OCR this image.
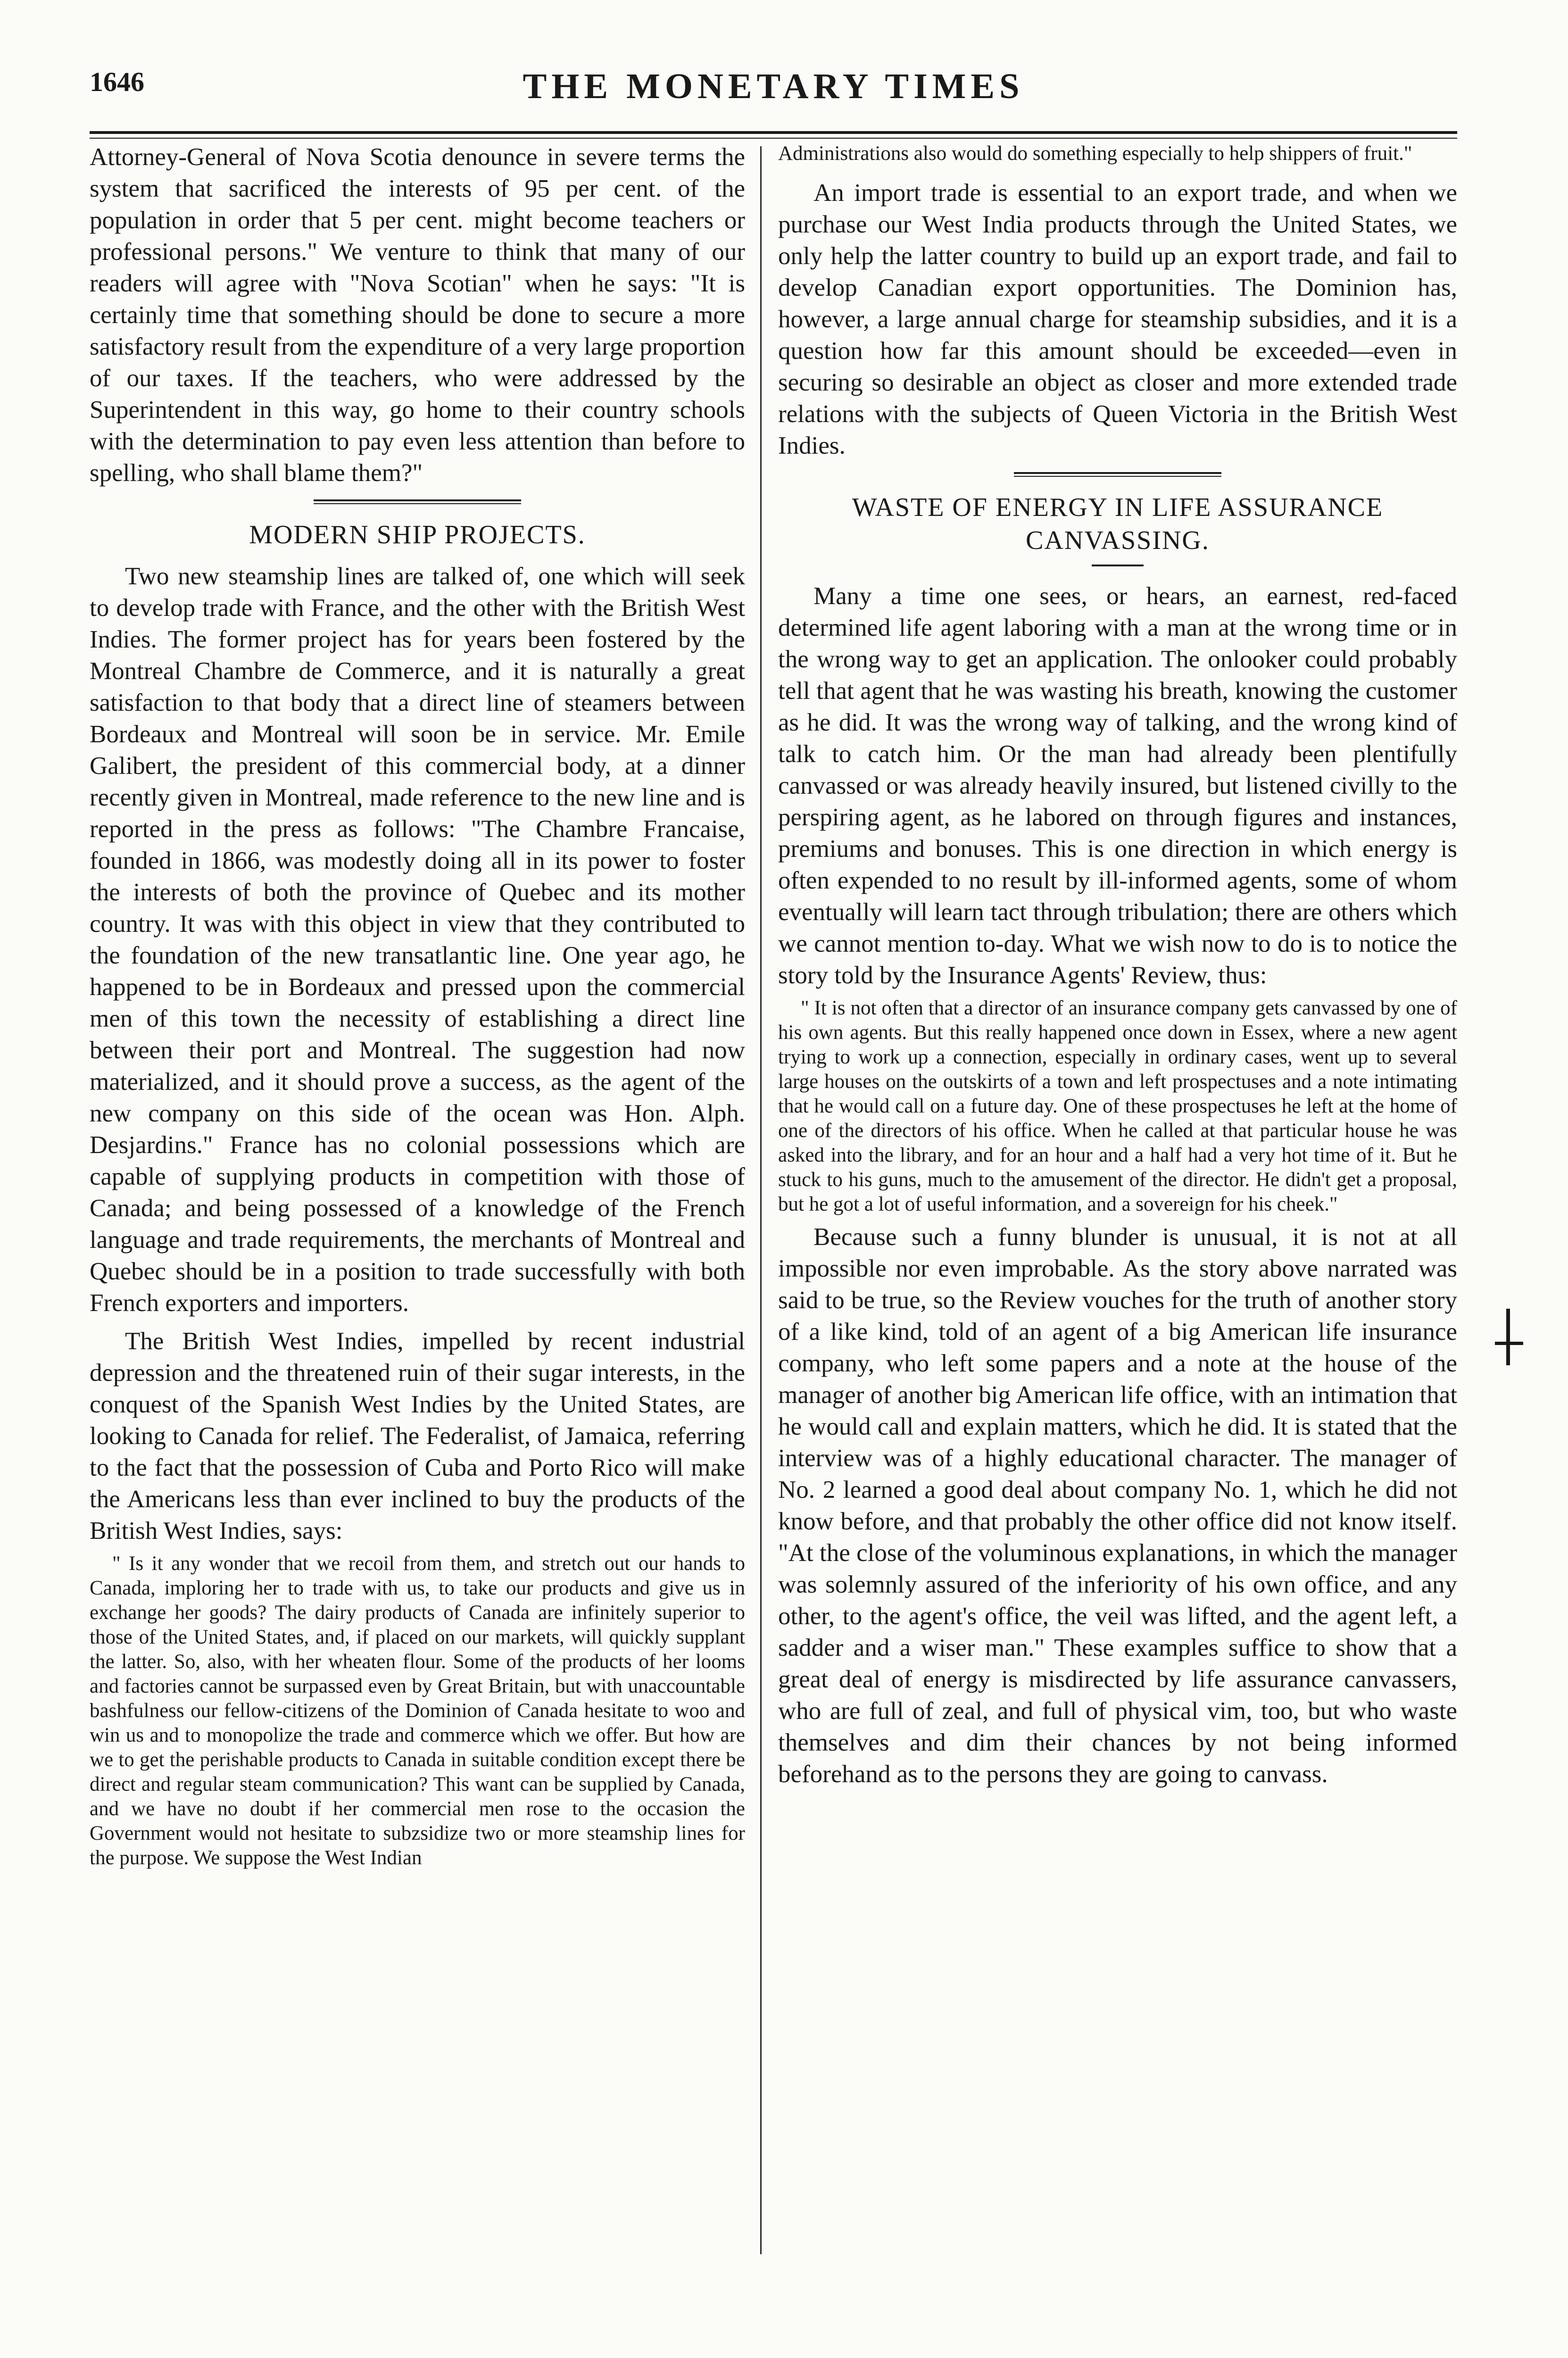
1646	THE MONETARY TIMES

Attorney-General of Nova Scotia denounce in severe terms the system that sacrificed the interests of 95 per cent. of the population in order that 5 per cent. might become teachers or professional persons." We venture to think that many of our readers will agree with "Nova Scotian" when he says: "It is certainly time that something should be done to secure a more satisfactory result from the expenditure of a very large proportion of our taxes. If the teachers, who were addressed by the Superintendent in this way, go home to their country schools with the determination to pay even less attention than before to spelling, who shall blame them?"

MODERN SHIP PROJECTS.

Two new steamship lines are talked of, one which will seek to develop trade with France, and the other with the British West Indies. The former project has for years been fostered by the Montreal Chambre de Commerce, and it is naturally a great satisfaction to that body that a direct line of steamers between Bordeaux and Montreal will soon be in service. Mr. Emile Galibert, the president of this commercial body, at a dinner recently given in Montreal, made reference to the new line and is reported in the press as follows: "The Chambre Francaise, founded in 1866, was modestly doing all in its power to foster the interests of both the province of Quebec and its mother country. It was with this object in view that they contributed to the foundation of the new transatlantic line. One year ago, he happened to be in Bordeaux and pressed upon the commercial men of this town the necessity of establishing a direct line between their port and Montreal. The suggestion had now materialized, and it should prove a success, as the agent of the new company on this side of the ocean was Hon. Alph. Desjardins." France has no colonial possessions which are capable of supplying products in competition with those of Canada; and being possessed of a knowledge of the French language and trade requirements, the merchants of Montreal and Quebec should be in a position to trade successfully with both French exporters and importers.

The British West Indies, impelled by recent industrial depression and the threatened ruin of their sugar interests, in the conquest of the Spanish West Indies by the United States, are looking to Canada for relief. The Federalist, of Jamaica, referring to the fact that the possession of Cuba and Porto Rico will make the Americans less than ever inclined to buy the products of the British West Indies, says:

" Is it any wonder that we recoil from them, and stretch out our hands to Canada, imploring her to trade with us, to take our products and give us in exchange her goods? The dairy products of Canada are infinitely superior to those of the United States, and, if placed on our markets, will quickly supplant the latter. So, also, with her wheaten flour. Some of the products of her looms and factories cannot be surpassed even by Great Britain, but with unaccountable bashfulness our fellow-citizens of the Dominion of Canada hesitate to woo and win us and to monopolize the trade and commerce which we offer. But how are we to get the perishable products to Canada in suitable condition except there be direct and regular steam communication? This want can be supplied by Canada, and we have no doubt if her commercial men rose to the occasion the Government would not hesitate to subzsidize two or more steamship lines for the purpose. We suppose the West Indian

Administrations also would do something especially to help shippers of fruit."

An import trade is essential to an export trade, and when we purchase our West India products through the United States, we only help the latter country to build up an export trade, and fail to develop Canadian export opportunities. The Dominion has, however, a large annual charge for steamship subsidies, and it is a question how far this amount should be exceeded—even in securing so desirable an object as closer and more extended trade relations with the subjects of Queen Victoria in the British West Indies.

WASTE OF ENERGY IN LIFE ASSURANCE CANVASSING.

Many a time one sees, or hears, an earnest, red-faced determined life agent laboring with a man at the wrong time or in the wrong way to get an application. The onlooker could probably tell that agent that he was wasting his breath, knowing the customer as he did. It was the wrong way of talking, and the wrong kind of talk to catch him. Or the man had already been plentifully canvassed or was already heavily insured, but listened civilly to the perspiring agent, as he labored on through figures and instances, premiums and bonuses. This is one direction in which energy is often expended to no result by ill-informed agents, some of whom eventually will learn tact through tribulation; there are others which we cannot mention to-day. What we wish now to do is to notice the story told by the Insurance Agents' Review, thus:

" It is not often that a director of an insurance company gets canvassed by one of his own agents. But this really happened once down in Essex, where a new agent trying to work up a connection, especially in ordinary cases, went up to several large houses on the outskirts of a town and left prospectuses and a note intimating that he would call on a future day. One of these prospectuses he left at the home of one of the directors of his office. When he called at that particular house he was asked into the library, and for an hour and a half had a very hot time of it. But he stuck to his guns, much to the amusement of the director. He didn't get a proposal, but he got a lot of useful information, and a sovereign for his cheek."

Because such a funny blunder is unusual, it is not at all impossible nor even improbable. As the story above narrated was said to be true, so the Review vouches for the truth of another story of a like kind, told of an agent of a big American life insurance company, who left some papers and a note at the house of the manager of another big American life office, with an intimation that he would call and explain matters, which he did. It is stated that the interview was of a highly educational character. The manager of No. 2 learned a good deal about company No. 1, which he did not know before, and that probably the other office did not know itself. "At the close of the voluminous explanations, in which the manager was solemnly assured of the inferiority of his own office, and any other, to the agent's office, the veil was lifted, and the agent left, a sadder and a wiser man." These examples suffice to show that a great deal of energy is misdirected by life assurance canvassers, who are full of zeal, and full of physical vim, too, but who waste themselves and dim their chances by not being informed beforehand as to the persons they are going to canvass.
